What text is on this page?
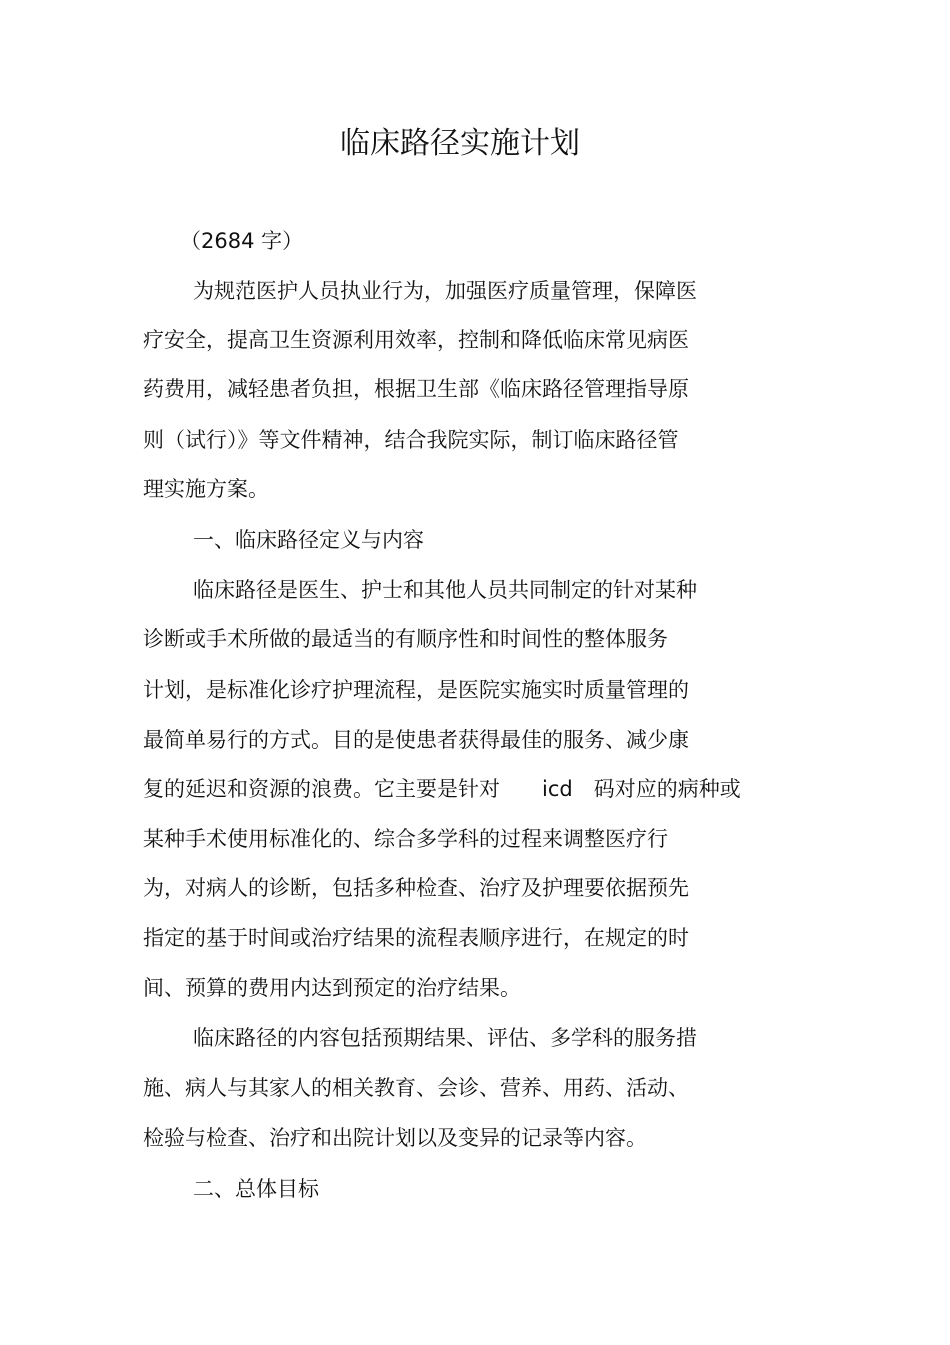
临床路径实施计划
（2684 字）
为规范医护人员执业行为，加强医疗质量管理，保障医
疗安全，提高卫生资源利用效率，控制和降低临床常见病医
药费用，减轻患者负担，根据卫生部《临床路径管理指导原
则（试行）》等文件精神，结合我院实际，制订临床路径管
理实施方案。
一、临床路径定义与内容
临床路径是医生、护士和其他人员共同制定的针对某种
诊断或手术所做的最适当的有顺序性和时间性的整体服务
计划，是标准化诊疗护理流程，是医院实施实时质量管理的
最简单易行的方式。目的是使患者获得最佳的服务、减少康
复的延迟和资源的浪费。它主要是针对　　icd　码对应的病种或
某种手术使用标准化的、综合多学科的过程来调整医疗行
为，对病人的诊断，包括多种检查、治疗及护理要依据预先
指定的基于时间或治疗结果的流程表顺序进行，在规定的时
间、预算的费用内达到预定的治疗结果。
临床路径的内容包括预期结果、评估、多学科的服务措
施、病人与其家人的相关教育、会诊、营养、用药、活动、
检验与检查、治疗和出院计划以及变异的记录等内容。
二、总体目标
